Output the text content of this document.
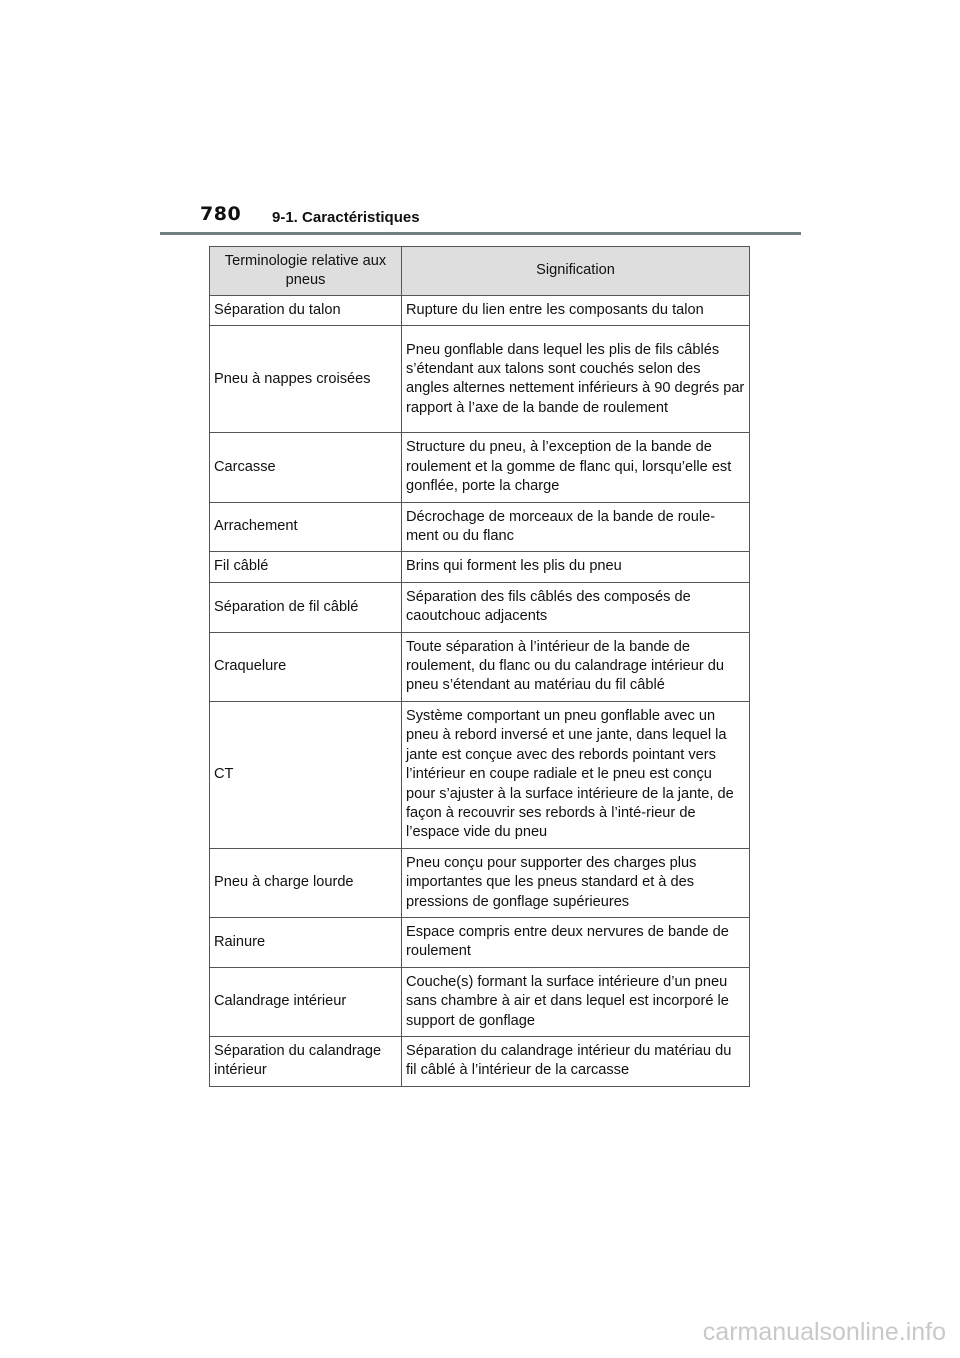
780 9-1. Caractéristiques
Terminologie relative aux pneus	Signification
Séparation du talon	Rupture du lien entre les composants du talon
Pneu à nappes croisées	Pneu gonflable dans lequel les plis de fils câblés s’étendant aux talons sont couchés selon des angles alternes nettement inférieurs à 90 degrés par rapport à l’axe de la bande de roulement
Carcasse	Structure du pneu, à l’exception de la bande de roulement et la gomme de flanc qui, lorsqu’elle est gonflée, porte la charge
Arrachement	Décrochage de morceaux de la bande de roule-ment ou du flanc
Fil câblé	Brins qui forment les plis du pneu
Séparation de fil câblé	Séparation des fils câblés des composés de caoutchouc adjacents
Craquelure	Toute séparation à l’intérieur de la bande de roulement, du flanc ou du calandrage intérieur du pneu s’étendant au matériau du fil câblé
CT	Système comportant un pneu gonflable avec un pneu à rebord inversé et une jante, dans lequel la jante est conçue avec des rebords pointant vers l’intérieur en coupe radiale et le pneu est conçu pour s’ajuster à la surface intérieure de la jante, de façon à recouvrir ses rebords à l’inté-rieur de l’espace vide du pneu
Pneu à charge lourde	Pneu conçu pour supporter des charges plus importantes que les pneus standard et à des pressions de gonflage supérieures
Rainure	Espace compris entre deux nervures de bande de roulement
Calandrage intérieur	Couche(s) formant la surface intérieure d’un pneu sans chambre à air et dans lequel est incorporé le support de gonflage
Séparation du calandrage intérieur	Séparation du calandrage intérieur du matériau du fil câblé à l’intérieur de la carcasse
carmanualsonline.info
